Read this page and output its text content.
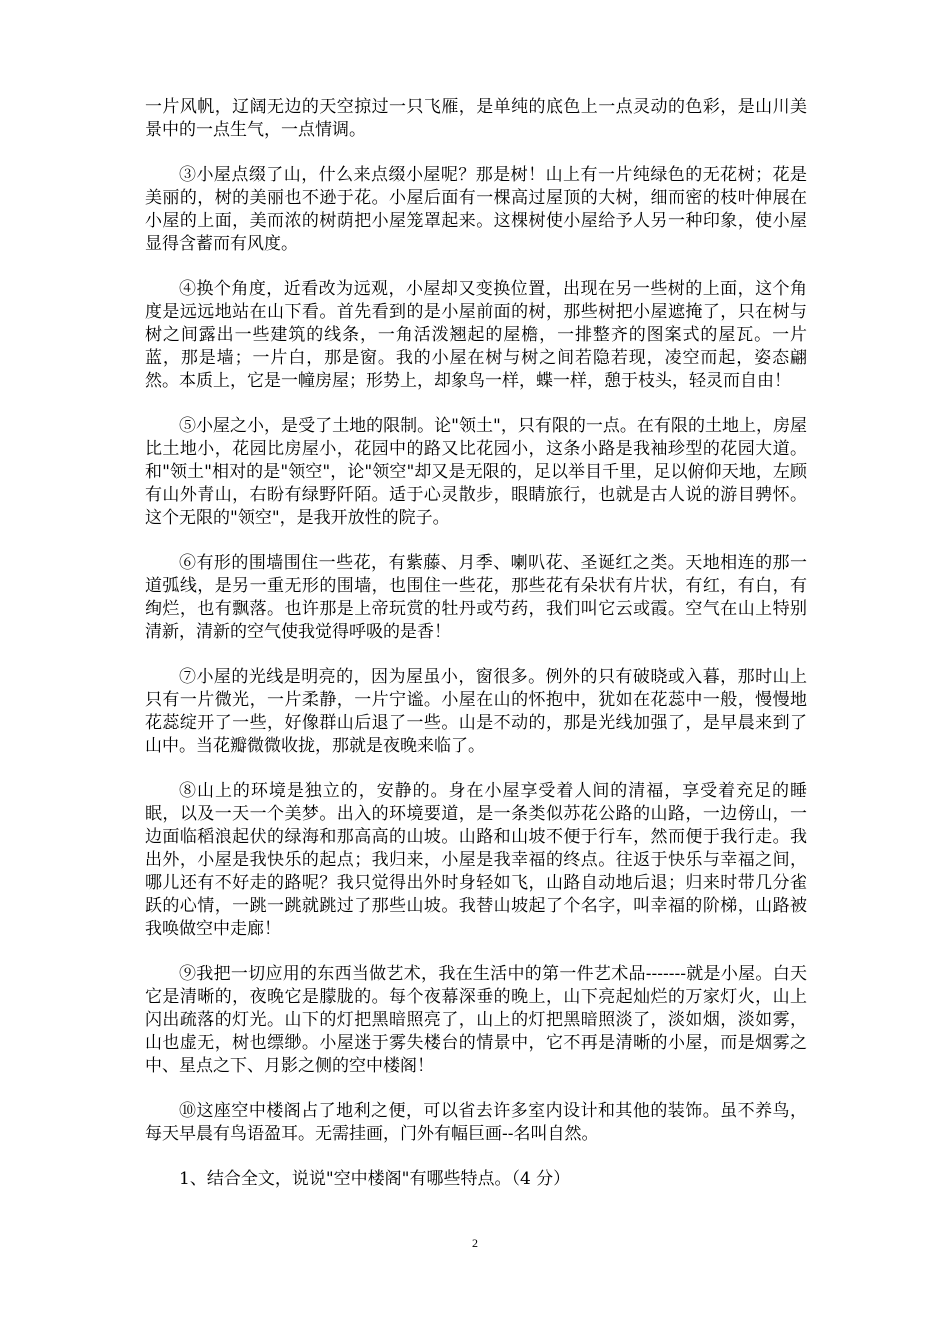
一片风帆，辽阔无边的天空掠过一只飞雁，是单纯的底色上一点灵动的色彩，是山川美景中的一点生气，一点情调。

③小屋点缀了山，什么来点缀小屋呢？那是树！山上有一片纯绿色的无花树；花是美丽的，树的美丽也不逊于花。小屋后面有一棵高过屋顶的大树，细而密的枝叶伸展在小屋的上面，美而浓的树荫把小屋笼罩起来。这棵树使小屋给予人另一种印象，使小屋显得含蓄而有风度。

④换个角度，近看改为远观，小屋却又变换位置，出现在另一些树的上面，这个角度是远远地站在山下看。首先看到的是小屋前面的树，那些树把小屋遮掩了，只在树与树之间露出一些建筑的线条，一角活泼翘起的屋檐，一排整齐的图案式的屋瓦。一片蓝，那是墙；一片白，那是窗。我的小屋在树与树之间若隐若现，凌空而起，姿态翩然。本质上，它是一幢房屋；形势上，却象鸟一样，蝶一样，憩于枝头，轻灵而自由！

⑤小屋之小，是受了土地的限制。论"领土"，只有限的一点。在有限的土地上，房屋比土地小，花园比房屋小，花园中的路又比花园小，这条小路是我袖珍型的花园大道。和"领土"相对的是"领空"，论"领空"却又是无限的，足以举目千里，足以俯仰天地，左顾有山外青山，右盼有绿野阡陌。适于心灵散步，眼睛旅行，也就是古人说的游目骋怀。这个无限的"领空"，是我开放性的院子。

⑥有形的围墙围住一些花，有紫藤、月季、喇叭花、圣诞红之类。天地相连的那一道弧线，是另一重无形的围墙，也围住一些花，那些花有朵状有片状，有红，有白，有绚烂，也有飘落。也许那是上帝玩赏的牡丹或芍药，我们叫它云或霞。空气在山上特别清新，清新的空气使我觉得呼吸的是香！

⑦小屋的光线是明亮的，因为屋虽小，窗很多。例外的只有破晓或入暮，那时山上只有一片微光，一片柔静，一片宁谧。小屋在山的怀抱中，犹如在花蕊中一般，慢慢地花蕊绽开了一些，好像群山后退了一些。山是不动的，那是光线加强了，是早晨来到了山中。当花瓣微微收拢，那就是夜晚来临了。

⑧山上的环境是独立的，安静的。身在小屋享受着人间的清福，享受着充足的睡眠，以及一天一个美梦。出入的环境要道，是一条类似苏花公路的山路，一边傍山，一边面临稻浪起伏的绿海和那高高的山坡。山路和山坡不便于行车，然而便于我行走。我出外，小屋是我快乐的起点；我归来，小屋是我幸福的终点。往返于快乐与幸福之间，哪儿还有不好走的路呢？我只觉得出外时身轻如飞，山路自动地后退；归来时带几分雀跃的心情，一跳一跳就跳过了那些山坡。我替山坡起了个名字，叫幸福的阶梯，山路被我唤做空中走廊！

⑨我把一切应用的东西当做艺术，我在生活中的第一件艺术品-------就是小屋。白天它是清晰的，夜晚它是朦胧的。每个夜幕深垂的晚上，山下亮起灿烂的万家灯火，山上闪出疏落的灯光。山下的灯把黑暗照亮了，山上的灯把黑暗照淡了，淡如烟，淡如雾，山也虚无，树也缥缈。小屋迷于雾失楼台的情景中，它不再是清晰的小屋，而是烟雾之中、星点之下、月影之侧的空中楼阁！

⑩这座空中楼阁占了地利之便，可以省去许多室内设计和其他的装饰。虽不养鸟，每天早晨有鸟语盈耳。无需挂画，门外有幅巨画--名叫自然。

1、结合全文，说说"空中楼阁"有哪些特点。（4 分）

2
